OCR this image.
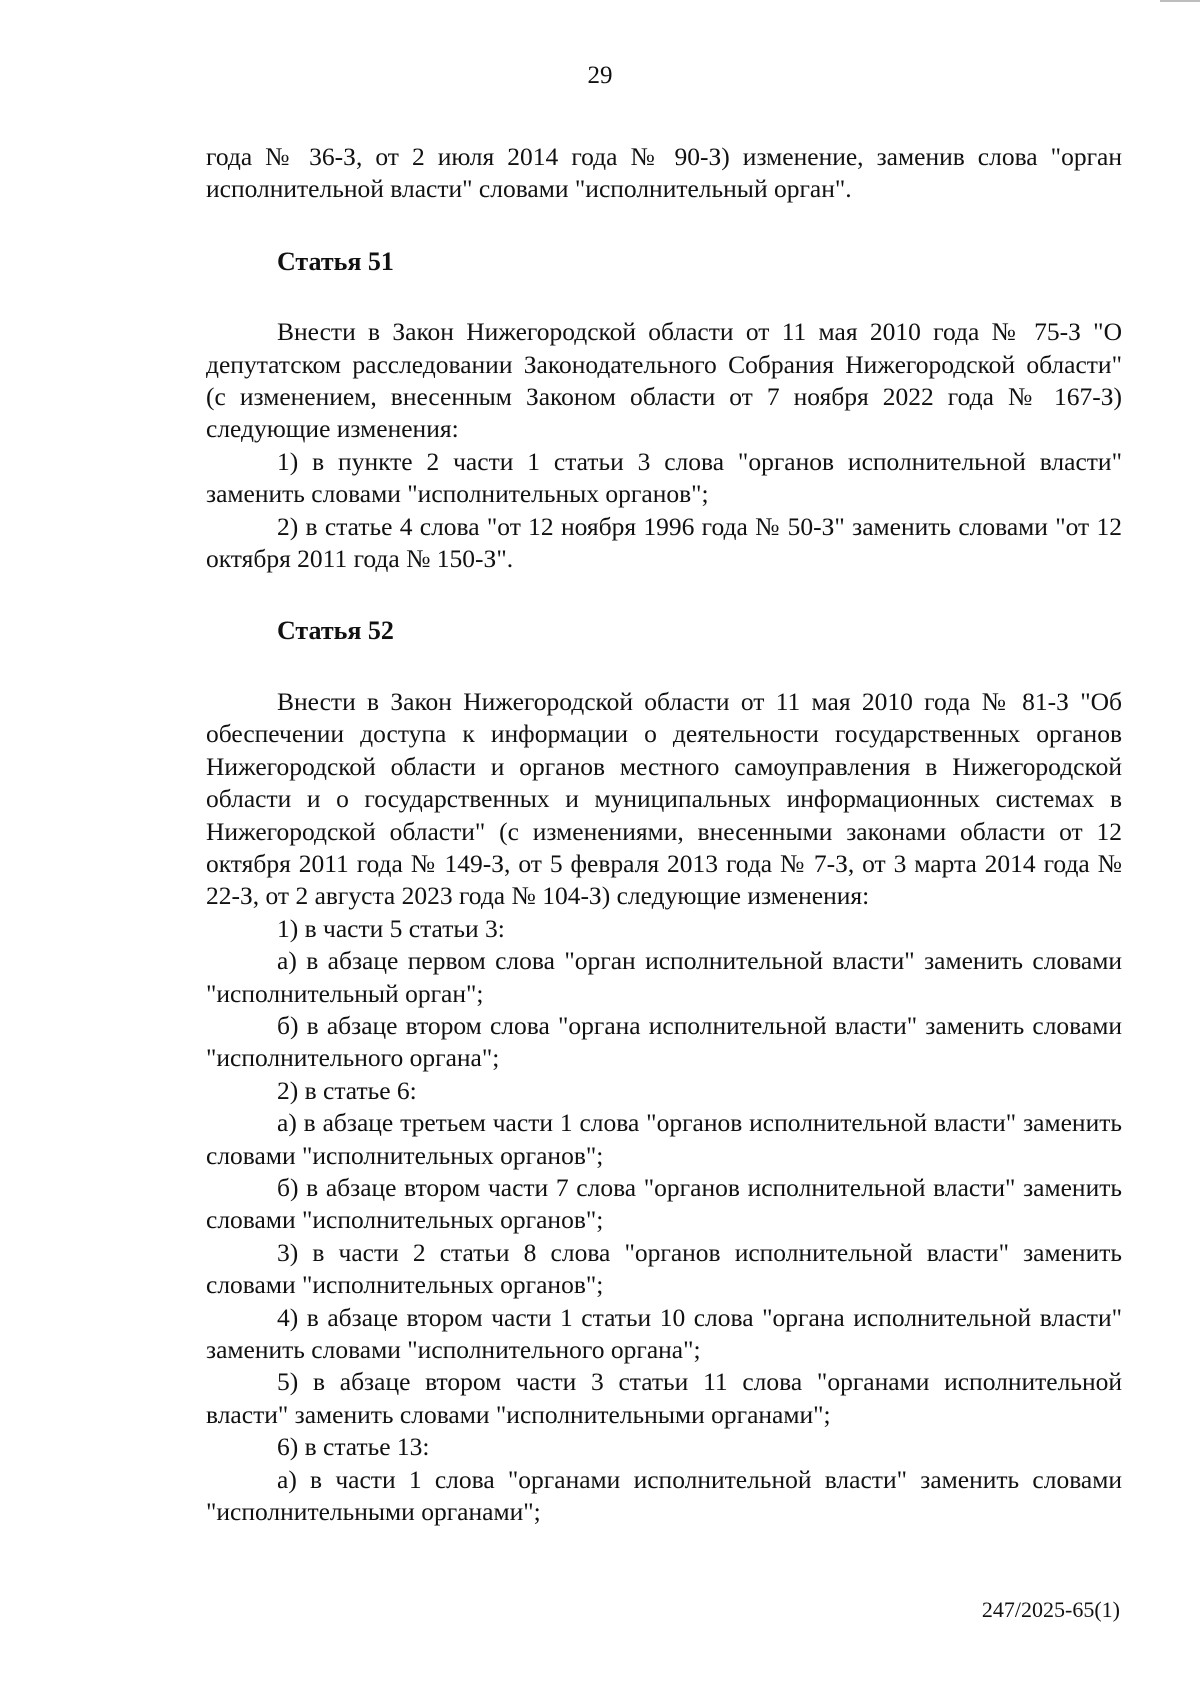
29

года № 36-З, от 2 июля 2014 года № 90-З) изменение, заменив слова "орган исполнительной власти" словами "исполнительный орган".

Статья 51

Внести в Закон Нижегородской области от 11 мая 2010 года № 75-З "О депутатском расследовании Законодательного Собрания Нижегородской области" (с изменением, внесенным Законом области от 7 ноября 2022 года № 167-З) следующие изменения:

1) в пункте 2 части 1 статьи 3 слова "органов исполнительной власти" заменить словами "исполнительных органов";

2) в статье 4 слова "от 12 ноября 1996 года № 50-З" заменить словами "от 12 октября 2011 года № 150-З".

Статья 52

Внести в Закон Нижегородской области от 11 мая 2010 года № 81-З "Об обеспечении доступа к информации о деятельности государственных органов Нижегородской области и органов местного самоуправления в Нижегородской области и о государственных и муниципальных информационных системах в Нижегородской области" (с изменениями, внесенными законами области от 12 октября 2011 года № 149-З, от 5 февраля 2013 года № 7-З, от 3 марта 2014 года № 22-З, от 2 августа 2023 года № 104-З) следующие изменения:

1) в части 5 статьи 3:

а) в абзаце первом слова "орган исполнительной власти" заменить словами "исполнительный орган";

б) в абзаце втором слова "органа исполнительной власти" заменить словами "исполнительного органа";

2) в статье 6:

а) в абзаце третьем части 1 слова "органов исполнительной власти" заменить словами "исполнительных органов";

б) в абзаце втором части 7 слова "органов исполнительной власти" заменить словами "исполнительных органов";

3) в части 2 статьи 8 слова "органов исполнительной власти" заменить словами "исполнительных органов";

4) в абзаце втором части 1 статьи 10 слова "органа исполнительной власти" заменить словами "исполнительного органа";

5) в абзаце втором части 3 статьи 11 слова "органами исполнительной власти" заменить словами "исполнительными органами";

6) в статье 13:

а) в части 1 слова "органами исполнительной власти" заменить словами "исполнительными органами";

247/2025-65(1)
